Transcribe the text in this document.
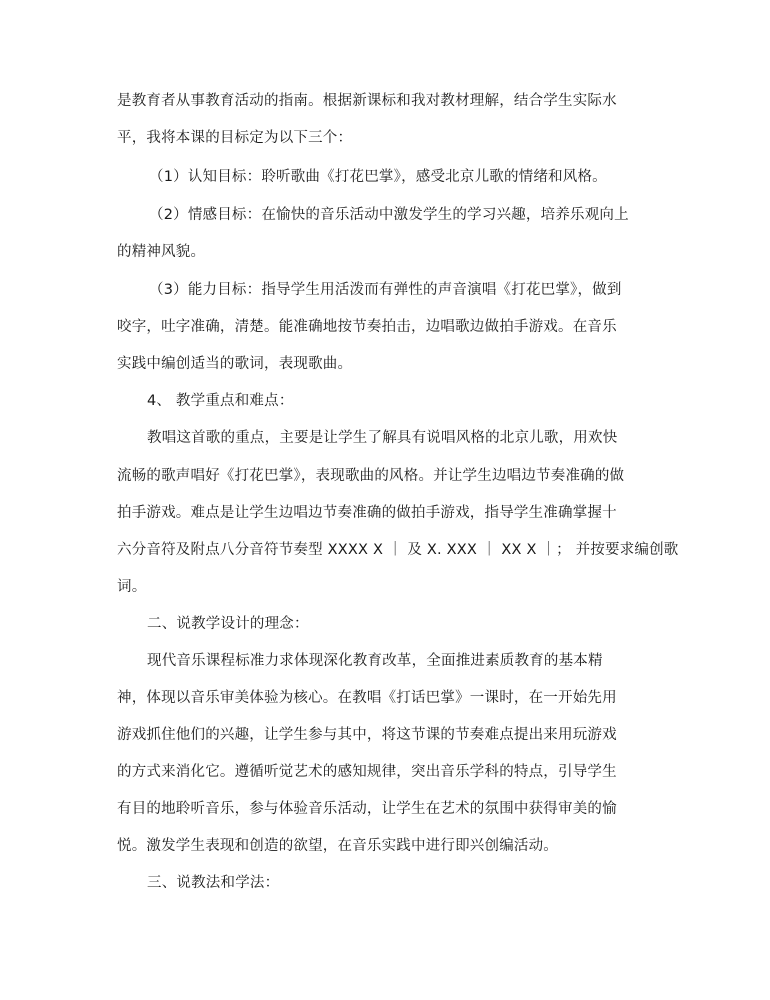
是教育者从事教育活动的指南。根据新课标和我对教材理解，结合学生实际水
平，我将本课的目标定为以下三个：
（1）认知目标：聆听歌曲《打花巴掌》，感受北京儿歌的情绪和风格。
（2）情感目标：在愉快的音乐活动中激发学生的学习兴趣，培养乐观向上
的精神风貌。
（3）能力目标：指导学生用活泼而有弹性的声音演唱《打花巴掌》，做到
咬字，吐字准确，清楚。能准确地按节奏拍击，边唱歌边做拍手游戏。在音乐
实践中编创适当的歌词，表现歌曲。
4、 教学重点和难点：
教唱这首歌的重点，主要是让学生了解具有说唱风格的北京儿歌，用欢快
流畅的歌声唱好《打花巴掌》，表现歌曲的风格。并让学生边唱边节奏准确的做
拍手游戏。难点是让学生边唱边节奏准确的做拍手游戏，指导学生准确掌握十
六分音符及附点八分音符节奏型 XXXX X ｜ 及 X. XXX ｜ XX X ｜； 并按要求编创歌
词。
二、说教学设计的理念：
现代音乐课程标准力求体现深化教育改革，全面推进素质教育的基本精
神，体现以音乐审美体验为核心。在教唱《打话巴掌》一课时，在一开始先用
游戏抓住他们的兴趣，让学生参与其中，将这节课的节奏难点提出来用玩游戏
的方式来消化它。遵循听觉艺术的感知规律，突出音乐学科的特点，引导学生
有目的地聆听音乐，参与体验音乐活动，让学生在艺术的氛围中获得审美的愉
悦。激发学生表现和创造的欲望，在音乐实践中进行即兴创编活动。
三、说教法和学法：
